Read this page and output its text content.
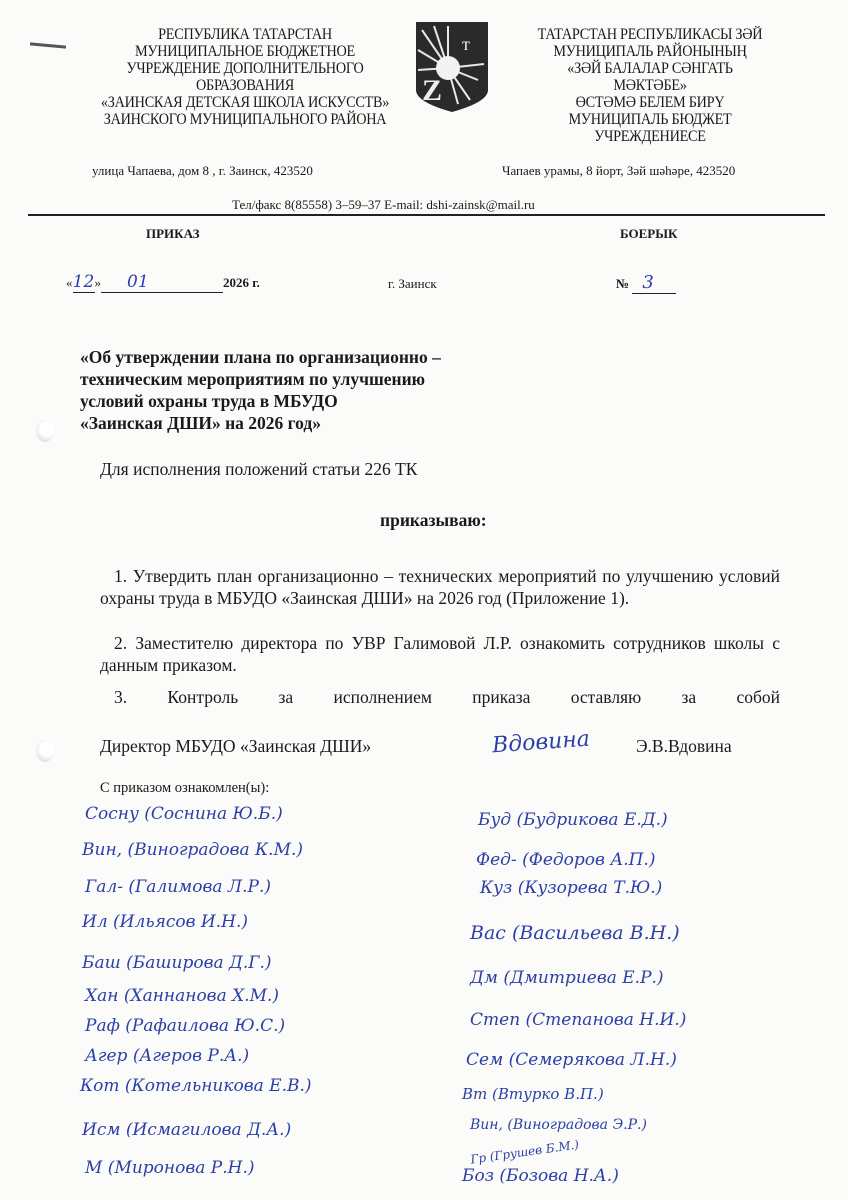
РЕСПУБЛИКА ТАТАРСТАН
МУНИЦИПАЛЬНОЕ БЮДЖЕТНОЕ
УЧРЕЖДЕНИЕ ДОПОЛНИТЕЛЬНОГО
ОБРАЗОВАНИЯ
«ЗАИНСКАЯ ДЕТСКАЯ ШКОЛА ИСКУССТВ»
ЗАИНСКОГО МУНИЦИПАЛЬНОГО РАЙОНА
т
Z
ТАТАРСТАН РЕСПУБЛИКАСЫ ЗӘЙ
МУНИЦИПАЛЬ РАЙОНЫНЫҢ
«ЗӘЙ БАЛАЛАР СӘНГАТЬ
МӘКТӘБЕ»
ӨСТӘМӘ БЕЛЕМ БИРҮ
МУНИЦИПАЛЬ БЮДЖЕТ
УЧРЕЖДЕНИЕСЕ
улица Чапаева, дом 8 , г. Заинск, 423520	Чапаев урамы, 8 йорт, Зәй шәһәре, 423520
Тел/факс 8(85558) 3–59–37 E-mail: dshi-zainsk@mail.ru
ПРИКАЗ	БОЕРЫК
«12» 01	2026 г.	г. Заинск	№ 3
«Об утверждении плана по организационно –
техническим мероприятиям по улучшению
условий охраны труда в МБУДО
«Заинская ДШИ» на 2026 год»
Для исполнения положений статьи 226 ТК
приказываю:
1. Утвердить план организационно – технических мероприятий по улучшению условий охраны труда в МБУДО «Заинская ДШИ» на 2026 год (Приложение 1).
2. Заместителю директора по УВР Галимовой Л.Р. ознакомить сотрудников школы с данным приказом.
3. Контроль за исполнением приказа оставляю за собой
Директор МБУДО «Заинская ДШИ»	Вдовина	Э.В.Вдовина
С приказом ознакомлен(ы):
Сосну (Соснина Ю.Б.)
Вин, (Виноградова К.М.)
Гал- (Галимова Л.Р.)
Ил (Ильясов И.Н.)
Баш (Баширова Д.Г.)
Хан (Ханнанова Х.М.)
Раф (Рафаилова Ю.С.)
Агер (Агеров Р.А.)
Кот (Котельникова Е.В.)
Исм (Исмагилова Д.А.)
М (Миронова Р.Н.)
Буд (Будрикова Е.Д.)
Фед- (Федоров А.П.)
Куз (Кузорева Т.Ю.)
Вас (Васильева В.Н.)
Дм (Дмитриева Е.Р.)
Степ (Степанова Н.И.)
Сем (Семерякова Л.Н.)
Вт (Втурко В.П.)
Вин, (Виноградова Э.Р.)
Гр (Грушев Б.М.)
Боз (Бозова Н.А.)
